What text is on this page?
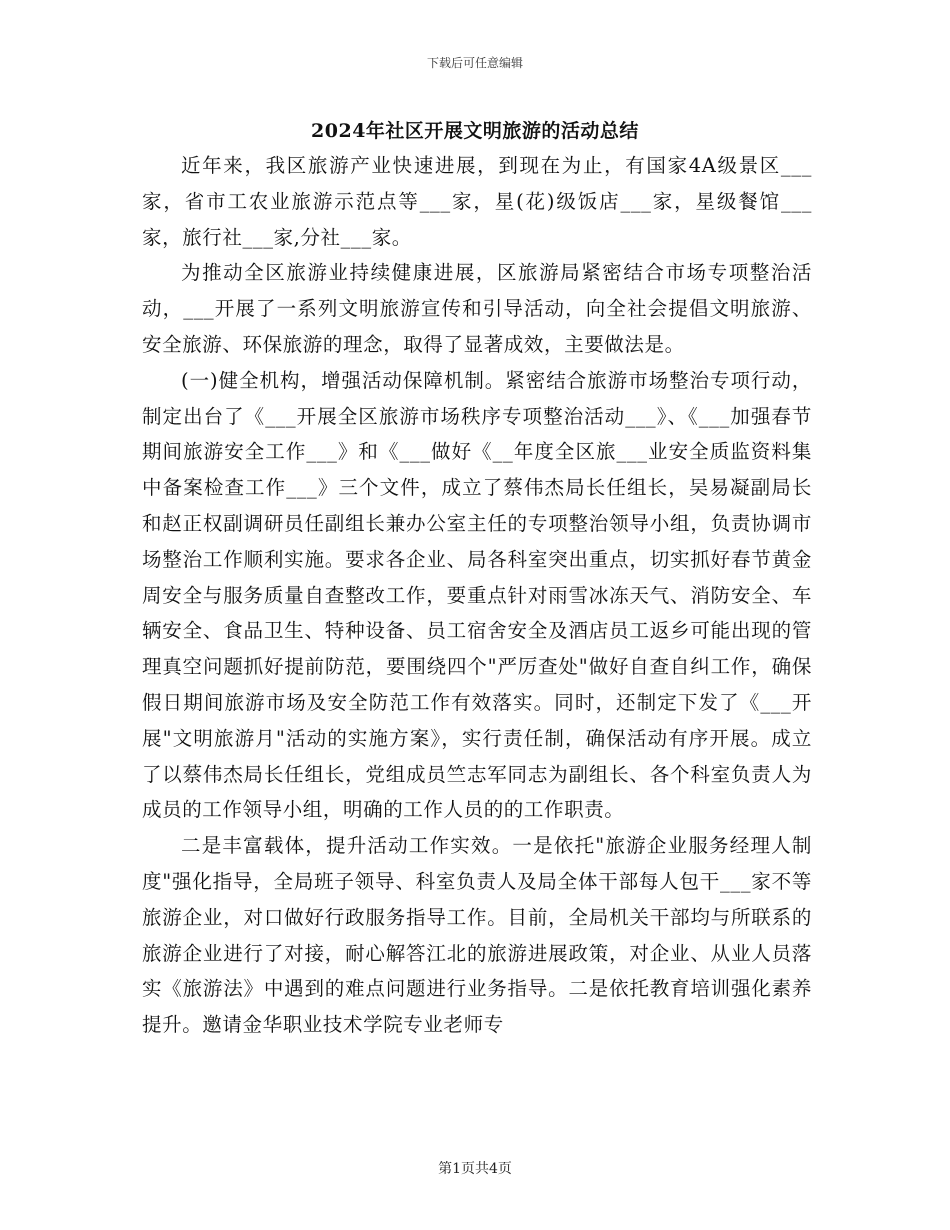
下载后可任意编辑
2024年社区开展文明旅游的活动总结

近年来，我区旅游产业快速进展，到现在为止，有国家4A级景区___家，省市工农业旅游示范点等___家，星(花)级饭店___家，星级餐馆___家，旅行社___家,分社___家。

为推动全区旅游业持续健康进展，区旅游局紧密结合市场专项整治活动，___开展了一系列文明旅游宣传和引导活动，向全社会提倡文明旅游、安全旅游、环保旅游的理念，取得了显著成效，主要做法是。

(一)健全机构，增强活动保障机制。紧密结合旅游市场整治专项行动，制定出台了《___开展全区旅游市场秩序专项整治活动___》、《___加强春节期间旅游安全工作___》和《___做好《__年度全区旅___业安全质监资料集中备案检查工作___》三个文件，成立了蔡伟杰局长任组长，吴易凝副局长和赵正权副调研员任副组长兼办公室主任的专项整治领导小组，负责协调市场整治工作顺利实施。要求各企业、局各科室突出重点，切实抓好春节黄金周安全与服务质量自查整改工作，要重点针对雨雪冰冻天气、消防安全、车辆安全、食品卫生、特种设备、员工宿舍安全及酒店员工返乡可能出现的管理真空问题抓好提前防范，要围绕四个"严厉查处"做好自查自纠工作，确保假日期间旅游市场及安全防范工作有效落实。同时，还制定下发了《___开展"文明旅游月"活动的实施方案》，实行责任制，确保活动有序开展。成立了以蔡伟杰局长任组长，党组成员竺志军同志为副组长、各个科室负责人为成员的工作领导小组，明确的工作人员的的工作职责。

二是丰富载体，提升活动工作实效。一是依托"旅游企业服务经理人制度"强化指导，全局班子领导、科室负责人及局全体干部每人包干___家不等旅游企业，对口做好行政服务指导工作。目前，全局机关干部均与所联系的旅游企业进行了对接，耐心解答江北的旅游进展政策，对企业、从业人员落实《旅游法》中遇到的难点问题进行业务指导。二是依托教育培训强化素养提升。邀请金华职业技术学院专业老师专

第1页共4页
